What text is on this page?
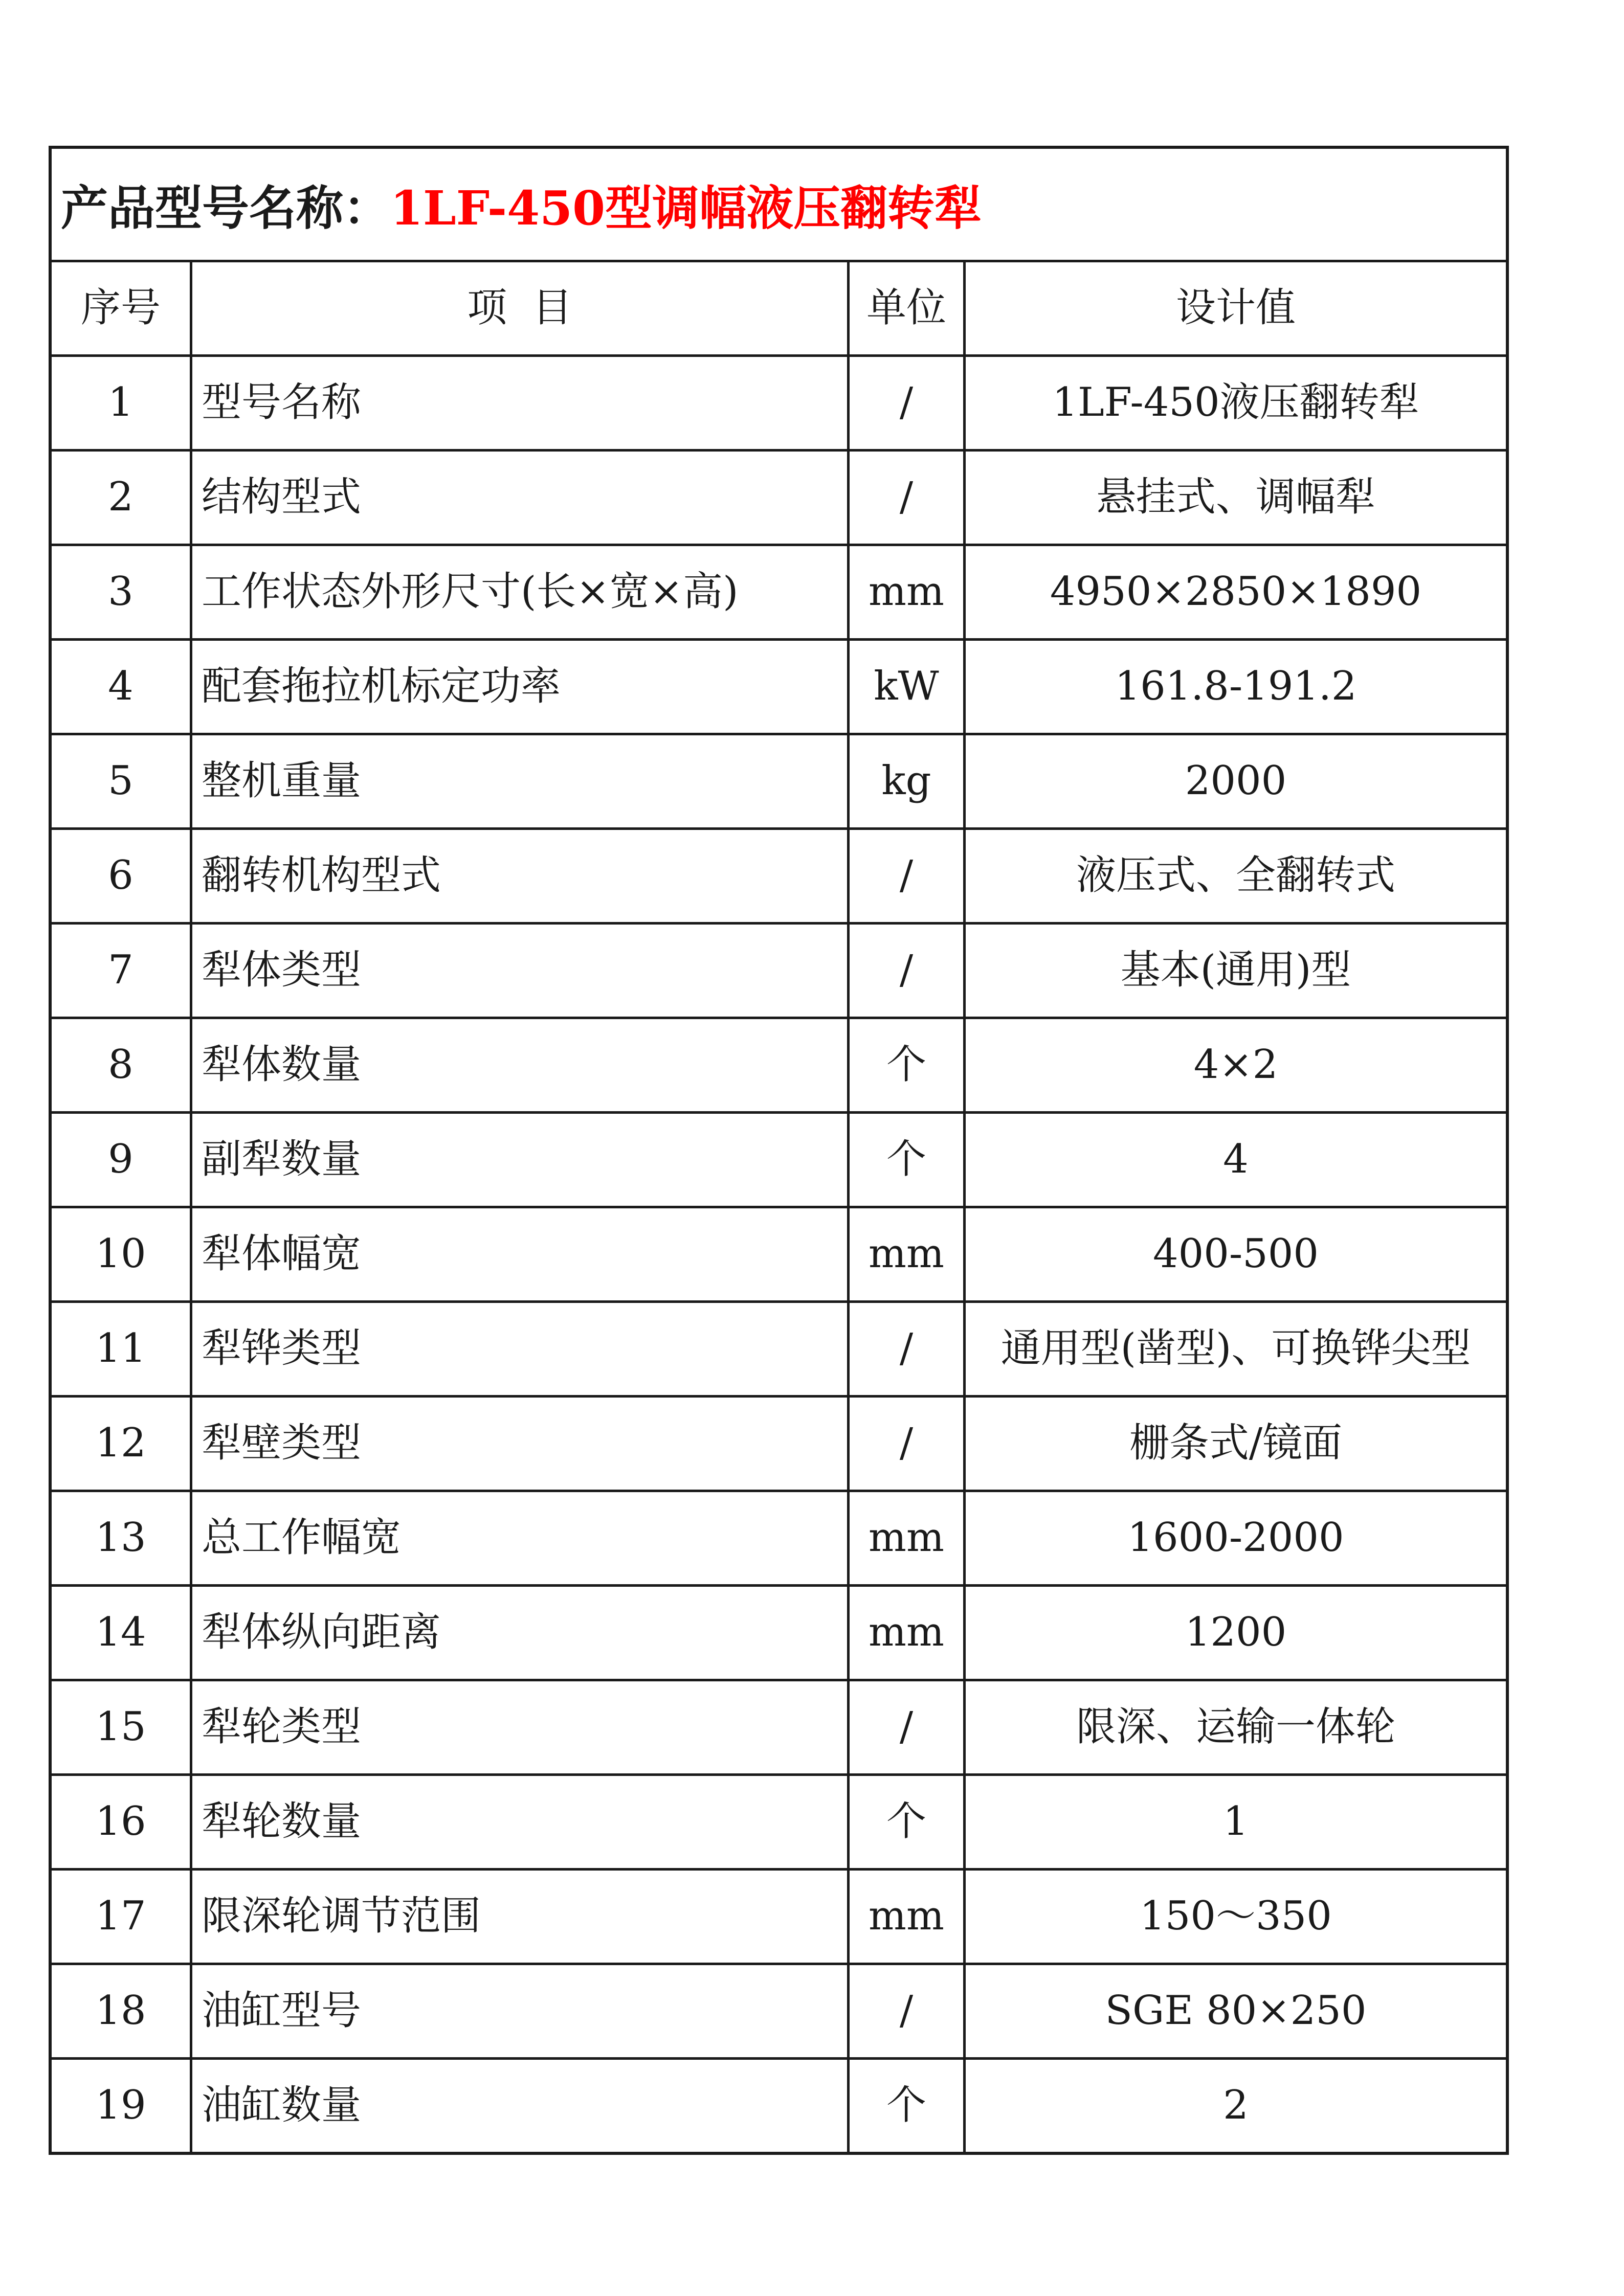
产品型号名称： 1LF-450型调幅液压翻转犁
序号	项  目	单位	设计值
1	型号名称	/	1LF-450液压翻转犁
2	结构型式	/	悬挂式、调幅犁
3	工作状态外形尺寸(长×宽×高)	mm	4950×2850×1890
4	配套拖拉机标定功率	kW	161.8-191.2
5	整机重量	kg	2000
6	翻转机构型式	/	液压式、全翻转式
7	犁体类型	/	基本(通用)型
8	犁体数量	个	4×2
9	副犁数量	个	4
10	犁体幅宽	mm	400-500
11	犁铧类型	/	通用型(凿型)、可换铧尖型
12	犁壁类型	/	栅条式/镜面
13	总工作幅宽	mm	1600-2000
14	犁体纵向距离	mm	1200
15	犁轮类型	/	限深、运输一体轮
16	犁轮数量	个	1
17	限深轮调节范围	mm	150～350
18	油缸型号	/	SGE 80×250
19	油缸数量	个	2
